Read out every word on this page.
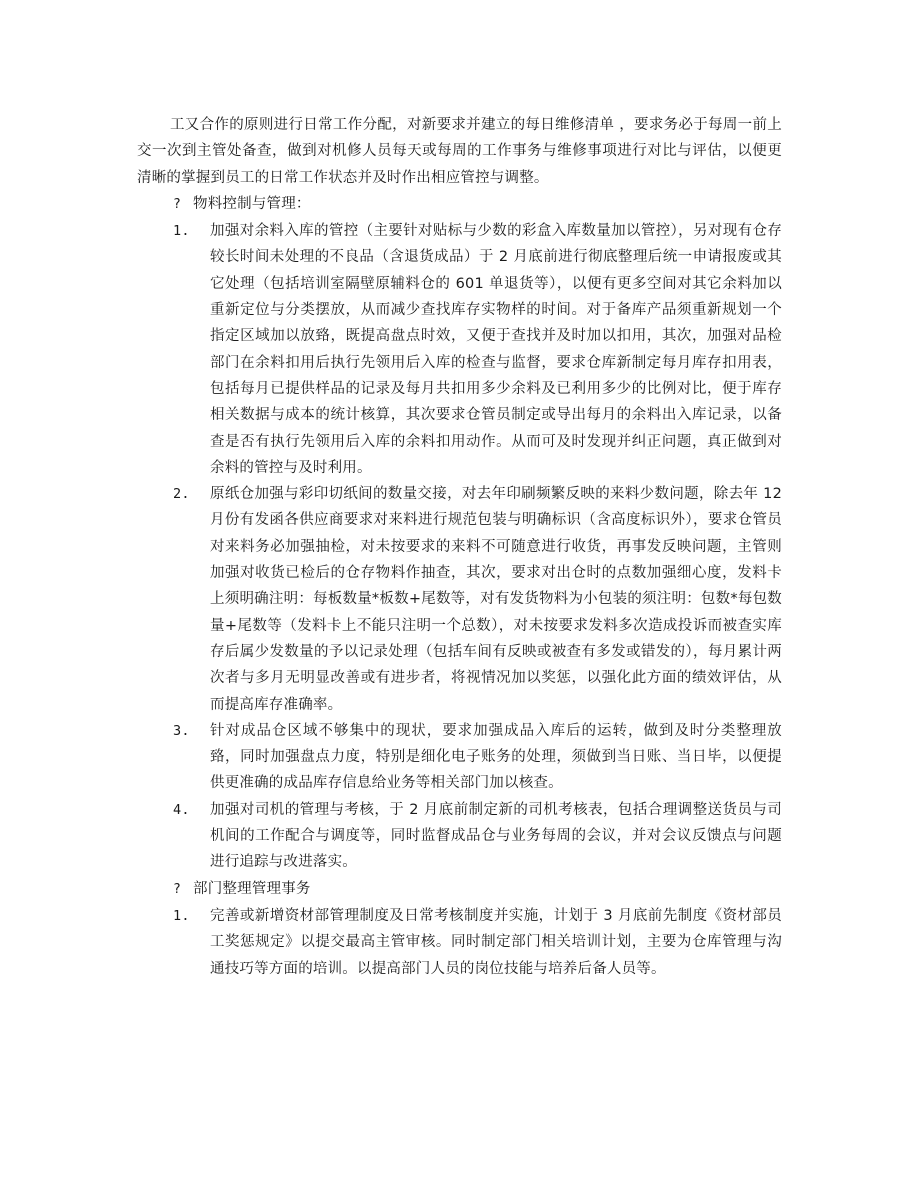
工又合作的原则进行日常工作分配，对新要求并建立的每日维修清单 ，要求务必于每周一前上交一次到主管处备查，做到对机修人员每天或每周的工作事务与维修事项进行对比与评估，以便更清晰的掌握到员工的日常工作状态并及时作出相应管控与调整。

? 物料控制与管理：

1. 加强对余料入库的管控（主要针对贴标与少数的彩盒入库数量加以管控），另对现有仓存较长时间未处理的不良品（含退货成品）于 2 月底前进行彻底整理后统一申请报废或其它处理（包括培训室隔壁原辅料仓的 601 单退货等），以便有更多空间对其它余料加以重新定位与分类摆放，从而减少查找库存实物样的时间。对于备库产品须重新规划一个指定区域加以放臵，既提高盘点时效，又便于查找并及时加以扣用，其次，加强对品检部门在余料扣用后执行先领用后入库的检查与监督，要求仓库新制定每月库存扣用表，包括每月已提供样品的记录及每月共扣用多少余料及已利用多少的比例对比，便于库存相关数据与成本的统计核算，其次要求仓管员制定或导出每月的余料出入库记录，以备查是否有执行先领用后入库的余料扣用动作。从而可及时发现并纠正问题，真正做到对余料的管控与及时利用。
2. 原纸仓加强与彩印切纸间的数量交接，对去年印刷频繁反映的来料少数问题，除去年 12 月份有发函各供应商要求对来料进行规范包装与明确标识（含高度标识外），要求仓管员对来料务必加强抽检，对未按要求的来料不可随意进行收货，再事发反映问题，主管则加强对收货已检后的仓存物料作抽查，其次，要求对出仓时的点数加强细心度，发料卡上须明确注明：每板数量*板数+尾数等，对有发货物料为小包装的须注明：包数*每包数量+尾数等（发料卡上不能只注明一个总数），对未按要求发料多次造成投诉而被查实库存后属少发数量的予以记录处理（包括车间有反映或被查有多发或错发的），每月累计两次者与多月无明显改善或有进步者，将视情况加以奖惩，以强化此方面的绩效评估，从而提高库存准确率。
3. 针对成品仓区域不够集中的现状，要求加强成品入库后的运转，做到及时分类整理放臵，同时加强盘点力度，特别是细化电子账务的处理，须做到当日账、当日毕，以便提供更准确的成品库存信息给业务等相关部门加以核查。
4. 加强对司机的管理与考核，于 2 月底前制定新的司机考核表，包括合理调整送货员与司机间的工作配合与调度等，同时监督成品仓与业务每周的会议，并对会议反馈点与问题进行追踪与改进落实。

? 部门整理管理事务

1. 完善或新增资材部管理制度及日常考核制度并实施，计划于 3 月底前先制度《资材部员工奖惩规定》以提交最高主管审核。同时制定部门相关培训计划，主要为仓库管理与沟通技巧等方面的培训。以提高部门人员的岗位技能与培养后备人员等。
